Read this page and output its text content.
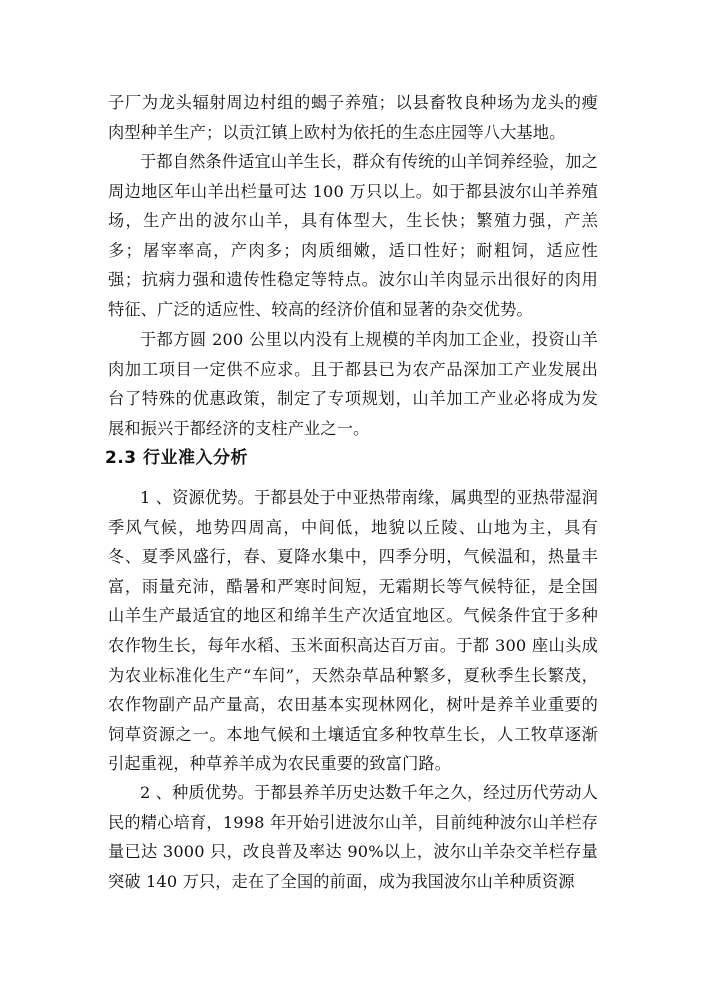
子厂为龙头辐射周边村组的蝎子养殖；以县畜牧良种场为龙头的瘦肉型种羊生产；以贡江镇上欧村为依托的生态庄园等八大基地。

于都自然条件适宜山羊生长，群众有传统的山羊饲养经验，加之周边地区年山羊出栏量可达 100 万只以上。如于都县波尔山羊养殖场，生产出的波尔山羊，具有体型大，生长快；繁殖力强，产羔多；屠宰率高，产肉多；肉质细嫩，适口性好；耐粗饲，适应性强；抗病力强和遗传性稳定等特点。波尔山羊肉显示出很好的肉用特征、广泛的适应性、较高的经济价值和显著的杂交优势。

于都方圆 200 公里以内没有上规模的羊肉加工企业，投资山羊肉加工项目一定供不应求。且于都县已为农产品深加工产业发展出台了特殊的优惠政策，制定了专项规划，山羊加工产业必将成为发展和振兴于都经济的支柱产业之一。

2.3 行业准入分析

1 、资源优势。于都县处于中亚热带南缘，属典型的亚热带湿润季风气候，地势四周高，中间低，地貌以丘陵、山地为主，具有冬、夏季风盛行，春、夏降水集中，四季分明，气候温和，热量丰富，雨量充沛，酷暑和严寒时间短，无霜期长等气候特征，是全国山羊生产最适宜的地区和绵羊生产次适宜地区。气候条件宜于多种农作物生长，每年水稻、玉米面积高达百万亩。于都 300 座山头成为农业标准化生产“车间”，天然杂草品种繁多，夏秋季生长繁茂，农作物副产品产量高，农田基本实现林网化，树叶是养羊业重要的饲草资源之一。本地气候和土壤适宜多种牧草生长，人工牧草逐渐引起重视，种草养羊成为农民重要的致富门路。

2 、种质优势。于都县养羊历史达数千年之久，经过历代劳动人民的精心培育，1998 年开始引进波尔山羊，目前纯种波尔山羊栏存量已达 3000 只，改良普及率达 90%以上，波尔山羊杂交羊栏存量突破 140 万只，走在了全国的前面，成为我国波尔山羊种质资源
